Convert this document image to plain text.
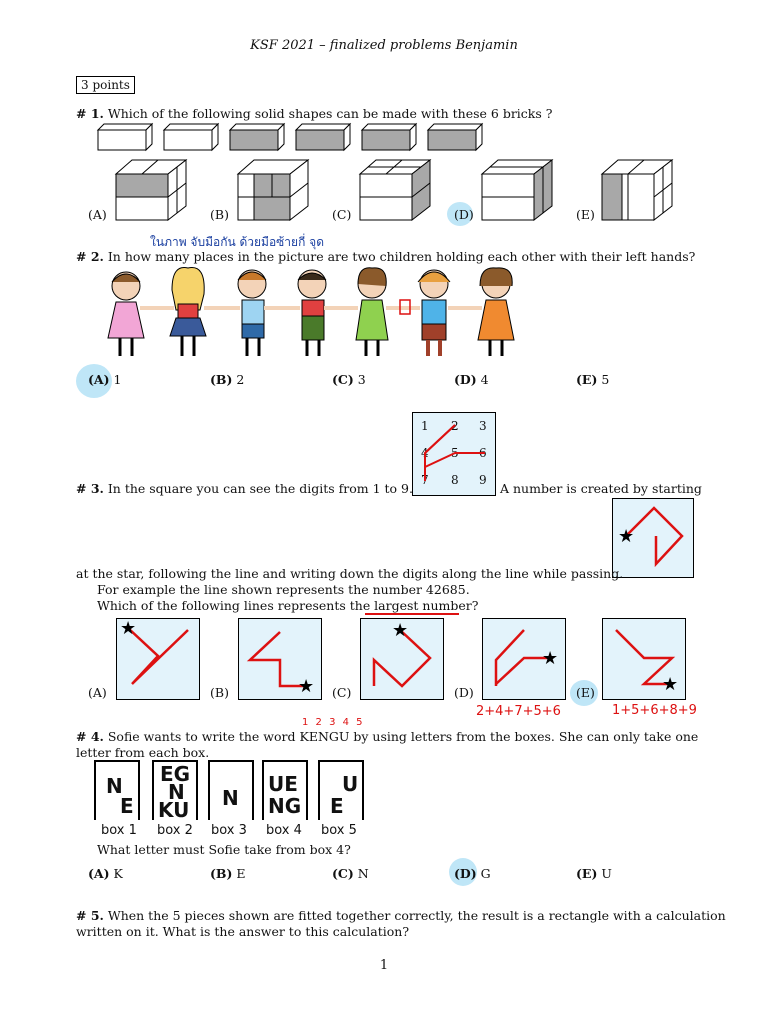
KSF 2021 – finalized problems Benjamin
3 points
# 1. Which of the following solid shapes can be made with these 6 bricks ?
(A)	(B)	(C)	(D)	(E)
ในภาพ จับมือกัน ด้วยมือซ้ายกี่ จุด
# 2. In how many places in the picture are two children holding each other with their left hands?
(A) 1	(B) 2	(C) 3	(D) 4	(E) 5
1 2 3
4 5 6
7 8 9
# 3. In the square you can see the digits from 1 to 9.	A number is created by starting
★
at the star, following the line and writing down the digits along the line while passing.
For example the line shown represents the number 42685.
Which of the following lines represents the largest number?
★
★
★
★
★
(A)	(B)	(C)	(D)	(E)
2+4+7+5+6	1+5+6+8+9
1 2 3 4 5
# 4. Sofie wants to write the word KENGU by using letters from the boxes. She can only take one
letter from each box.
N
E
EG
N
KU N
UE
NG
U
E
box 1 box 2 box 3 box 4 box 5
What letter must Sofie take from box 4?
(A) K	(B) E	(C) N	(D) G	(E) U
# 5. When the 5 pieces shown are fitted together correctly, the result is a rectangle with a calculation
written on it. What is the answer to this calculation?
1
